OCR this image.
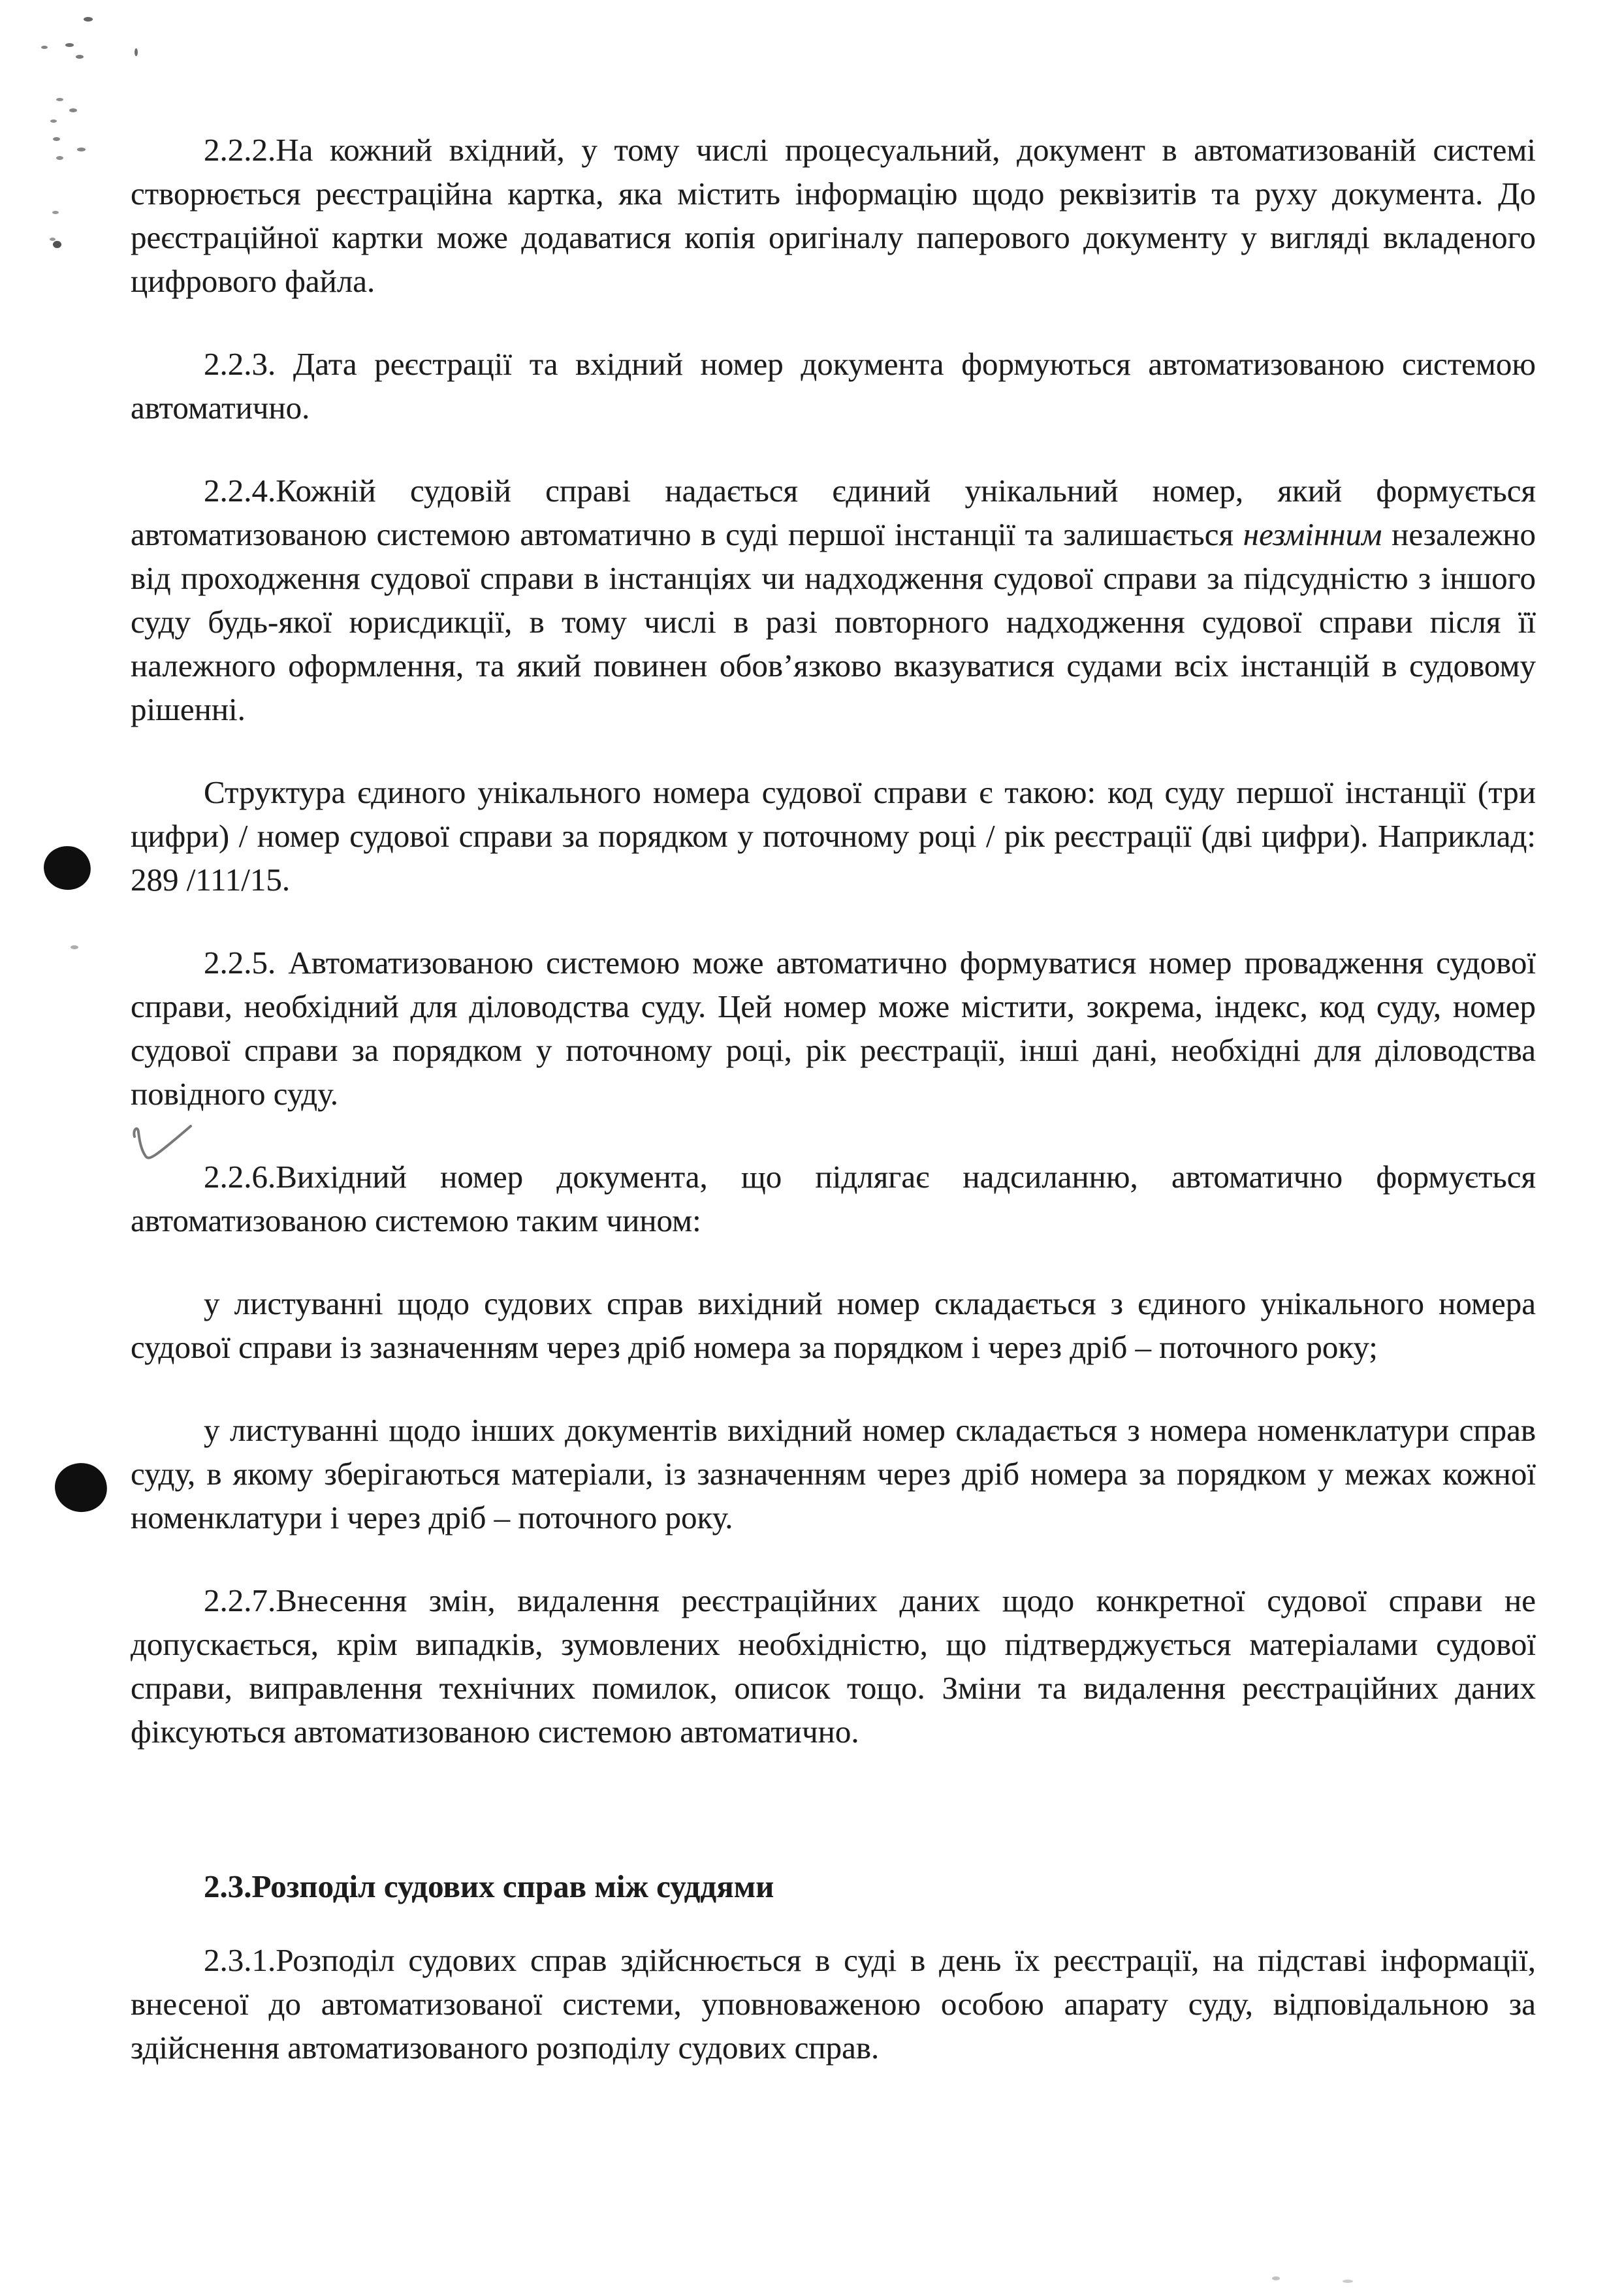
2.2.2.На кожний вхідний, у тому числі процесуальний, документ в автоматизованій системі створюється реєстраційна картка, яка містить інформацію щодо реквізитів та руху документа. До реєстраційної картки може додаватися копія оригіналу паперового документу у вигляді вкладеного цифрового файла.

2.2.3. Дата реєстрації та вхідний номер документа формуються автоматизованою системою автоматично.

2.2.4.Кожній судовій справі надається єдиний унікальний номер, який формується автоматизованою системою автоматично в суді першої інстанції та залишається незмінним незалежно від проходження судової справи в інстанціях чи надходження судової справи за підсудністю з іншого суду будь-якої юрисдикції, в тому числі в разі повторного надходження судової справи після її належного оформлення, та який повинен обов’язково вказуватися судами всіх інстанцій в судовому рішенні.

Структура єдиного унікального номера судової справи є такою: код суду першої інстанції (три цифри) / номер судової справи за порядком у поточному році / рік реєстрації (дві цифри). Наприклад: 289 /111/15.

2.2.5. Автоматизованою системою може автоматично формуватися номер провадження судової справи, необхідний для діловодства суду. Цей номер може містити, зокрема, індекс, код суду, номер судової справи за порядком у поточному році, рік реєстрації, інші дані, необхідні для діловодства повідного суду.

2.2.6.Вихідний номер документа, що підлягає надсиланню, автоматично формується автоматизованою системою таким чином:

у листуванні щодо судових справ вихідний номер складається з єдиного унікального номера судової справи із зазначенням через дріб номера за порядком і через дріб – поточного року;

у листуванні щодо інших документів вихідний номер складається з номера номенклатури справ суду, в якому зберігаються матеріали, із зазначенням через дріб номера за порядком у межах кожної номенклатури і через дріб – поточного року.

2.2.7.Внесення змін, видалення реєстраційних даних щодо конкретної судової справи не допускається, крім випадків, зумовлених необхідністю, що підтверджується матеріалами судової справи, виправлення технічних помилок, описок тощо. Зміни та видалення реєстраційних даних фіксуються автоматизованою системою автоматично.

2.3.Розподіл судових справ між суддями

2.3.1.Розподіл судових справ здійснюється в суді в день їх реєстрації, на підставі інформації, внесеної до автоматизованої системи, уповноваженою особою апарату суду, відповідальною за здійснення автоматизованого розподілу судових справ.
